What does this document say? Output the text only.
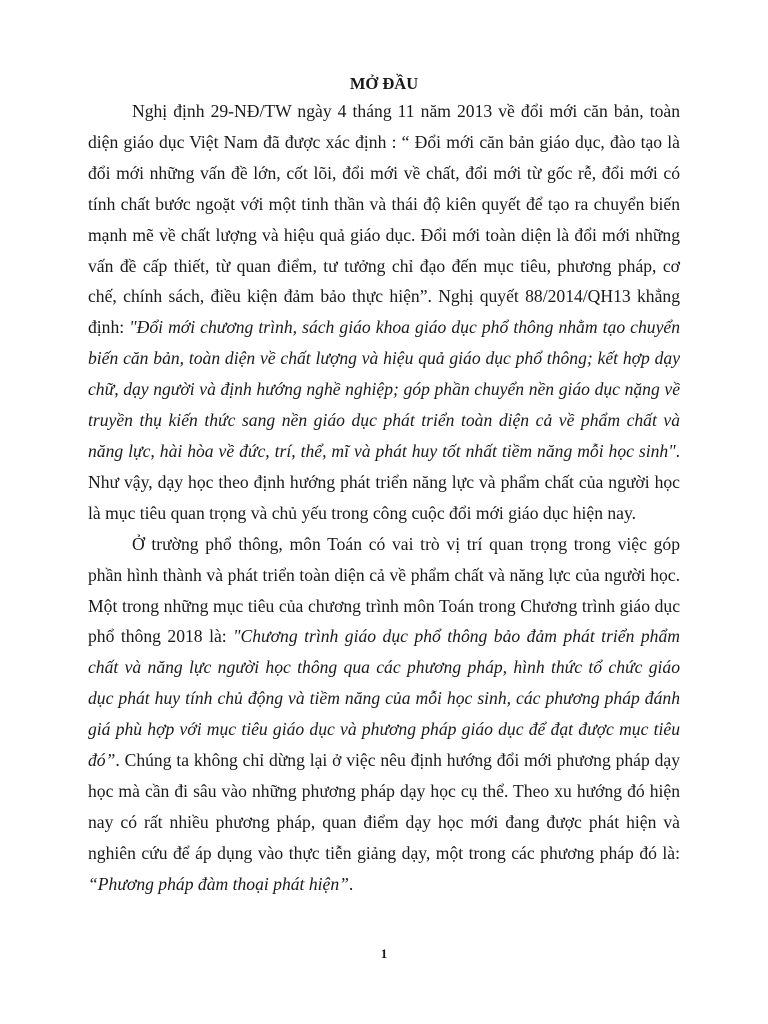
MỞ ĐẦU

Nghị định 29-NĐ/TW ngày 4 tháng 11 năm 2013 về đổi mới căn bản, toàn diện giáo dục Việt Nam đã được xác định : “ Đổi mới căn bản giáo dục, đào tạo là đổi mới những vấn đề lớn, cốt lõi, đổi mới về chất, đổi mới từ gốc rễ, đổi mới có tính chất bước ngoặt với một tinh thần và thái độ kiên quyết để tạo ra chuyển biến mạnh mẽ về chất lượng và hiệu quả giáo dục. Đổi mới toàn diện là đổi mới những vấn đề cấp thiết, từ quan điểm, tư tưởng chỉ đạo đến mục tiêu, phương pháp, cơ chế, chính sách, điều kiện đảm bảo thực hiện”. Nghị quyết 88/2014/QH13 khẳng định: "Đổi mới chương trình, sách giáo khoa giáo dục phổ thông nhằm tạo chuyển biến căn bản, toàn diện về chất lượng và hiệu quả giáo dục phổ thông; kết hợp dạy chữ, dạy người và định hướng nghề nghiệp; góp phần chuyển nền giáo dục nặng về truyền thụ kiến thức sang nền giáo dục phát triển toàn diện cả về phẩm chất và năng lực, hài hòa về đức, trí, thể, mĩ và phát huy tốt nhất tiềm năng mỗi học sinh". Như vậy, dạy học theo định hướng phát triển năng lực và phẩm chất của người học là mục tiêu quan trọng và chủ yếu trong công cuộc đổi mới giáo dục hiện nay.

Ở trường phổ thông, môn Toán có vai trò vị trí quan trọng trong việc góp phần hình thành và phát triển toàn diện cả về phẩm chất và năng lực của người học. Một trong những mục tiêu của chương trình môn Toán trong Chương trình giáo dục phổ thông 2018 là: "Chương trình giáo dục phổ thông bảo đảm phát triển phẩm chất và năng lực người học thông qua các phương pháp, hình thức tổ chức giáo dục phát huy tính chủ động và tiềm năng của mỗi học sinh, các phương pháp đánh giá phù hợp với mục tiêu giáo dục và phương pháp giáo dục để đạt được mục tiêu đó”. Chúng ta không chỉ dừng lại ở việc nêu định hướng đổi mới phương pháp dạy học mà cần đi sâu vào những phương pháp dạy học cụ thể. Theo xu hướng đó hiện nay có rất nhiều phương pháp, quan điểm dạy học mới đang được phát hiện và nghiên cứu để áp dụng vào thực tiễn giảng dạy, một trong các phương pháp đó là: “Phương pháp đàm thoại phát hiện”.

1
